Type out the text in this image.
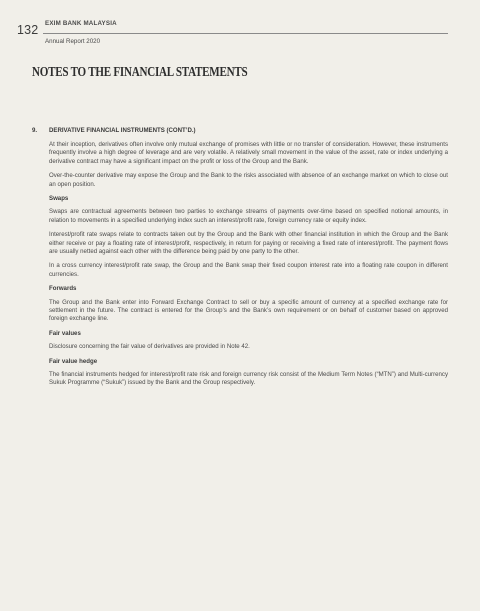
132 EXIM BANK MALAYSIA
Annual Report 2020
NOTES TO THE FINANCIAL STATEMENTS
9.	DERIVATIVE FINANCIAL INSTRUMENTS (CONT’D.)

At their inception, derivatives often involve only mutual exchange of promises with little or no transfer of consideration. However, these instruments frequently involve a high degree of leverage and are very volatile. A relatively small movement in the value of the asset, rate or index underlying a derivative contract may have a significant impact on the profit or loss of the Group and the Bank.

Over-the-counter derivative may expose the Group and the Bank to the risks associated with absence of an exchange market on which to close out an open position.

Swaps

Swaps are contractual agreements between two parties to exchange streams of payments over-time based on specified notional amounts, in relation to movements in a specified underlying index such an interest/profit rate, foreign currency rate or equity index.

Interest/profit rate swaps relate to contracts taken out by the Group and the Bank with other financial institution in which the Group and the Bank either receive or pay a floating rate of interest/profit, respectively, in return for paying or receiving a fixed rate of interest/profit. The payment flows are usually netted against each other with the difference being paid by one party to the other.

In a cross currency interest/profit rate swap, the Group and the Bank swap their fixed coupon interest rate into a floating rate coupon in different currencies.

Forwards

The Group and the Bank enter into Forward Exchange Contract to sell or buy a specific amount of currency at a specified exchange rate for settlement in the future. The contract is entered for the Group’s and the Bank’s own requirement or on behalf of customer based on approved foreign exchange line.

Fair values

Disclosure concerning the fair value of derivatives are provided in Note 42.

Fair value hedge

The financial instruments hedged for interest/profit rate risk and foreign currency risk consist of the Medium Term Notes (“MTN”) and Multi-currency Sukuk Programme (“Sukuk”) issued by the Bank and the Group respectively.
